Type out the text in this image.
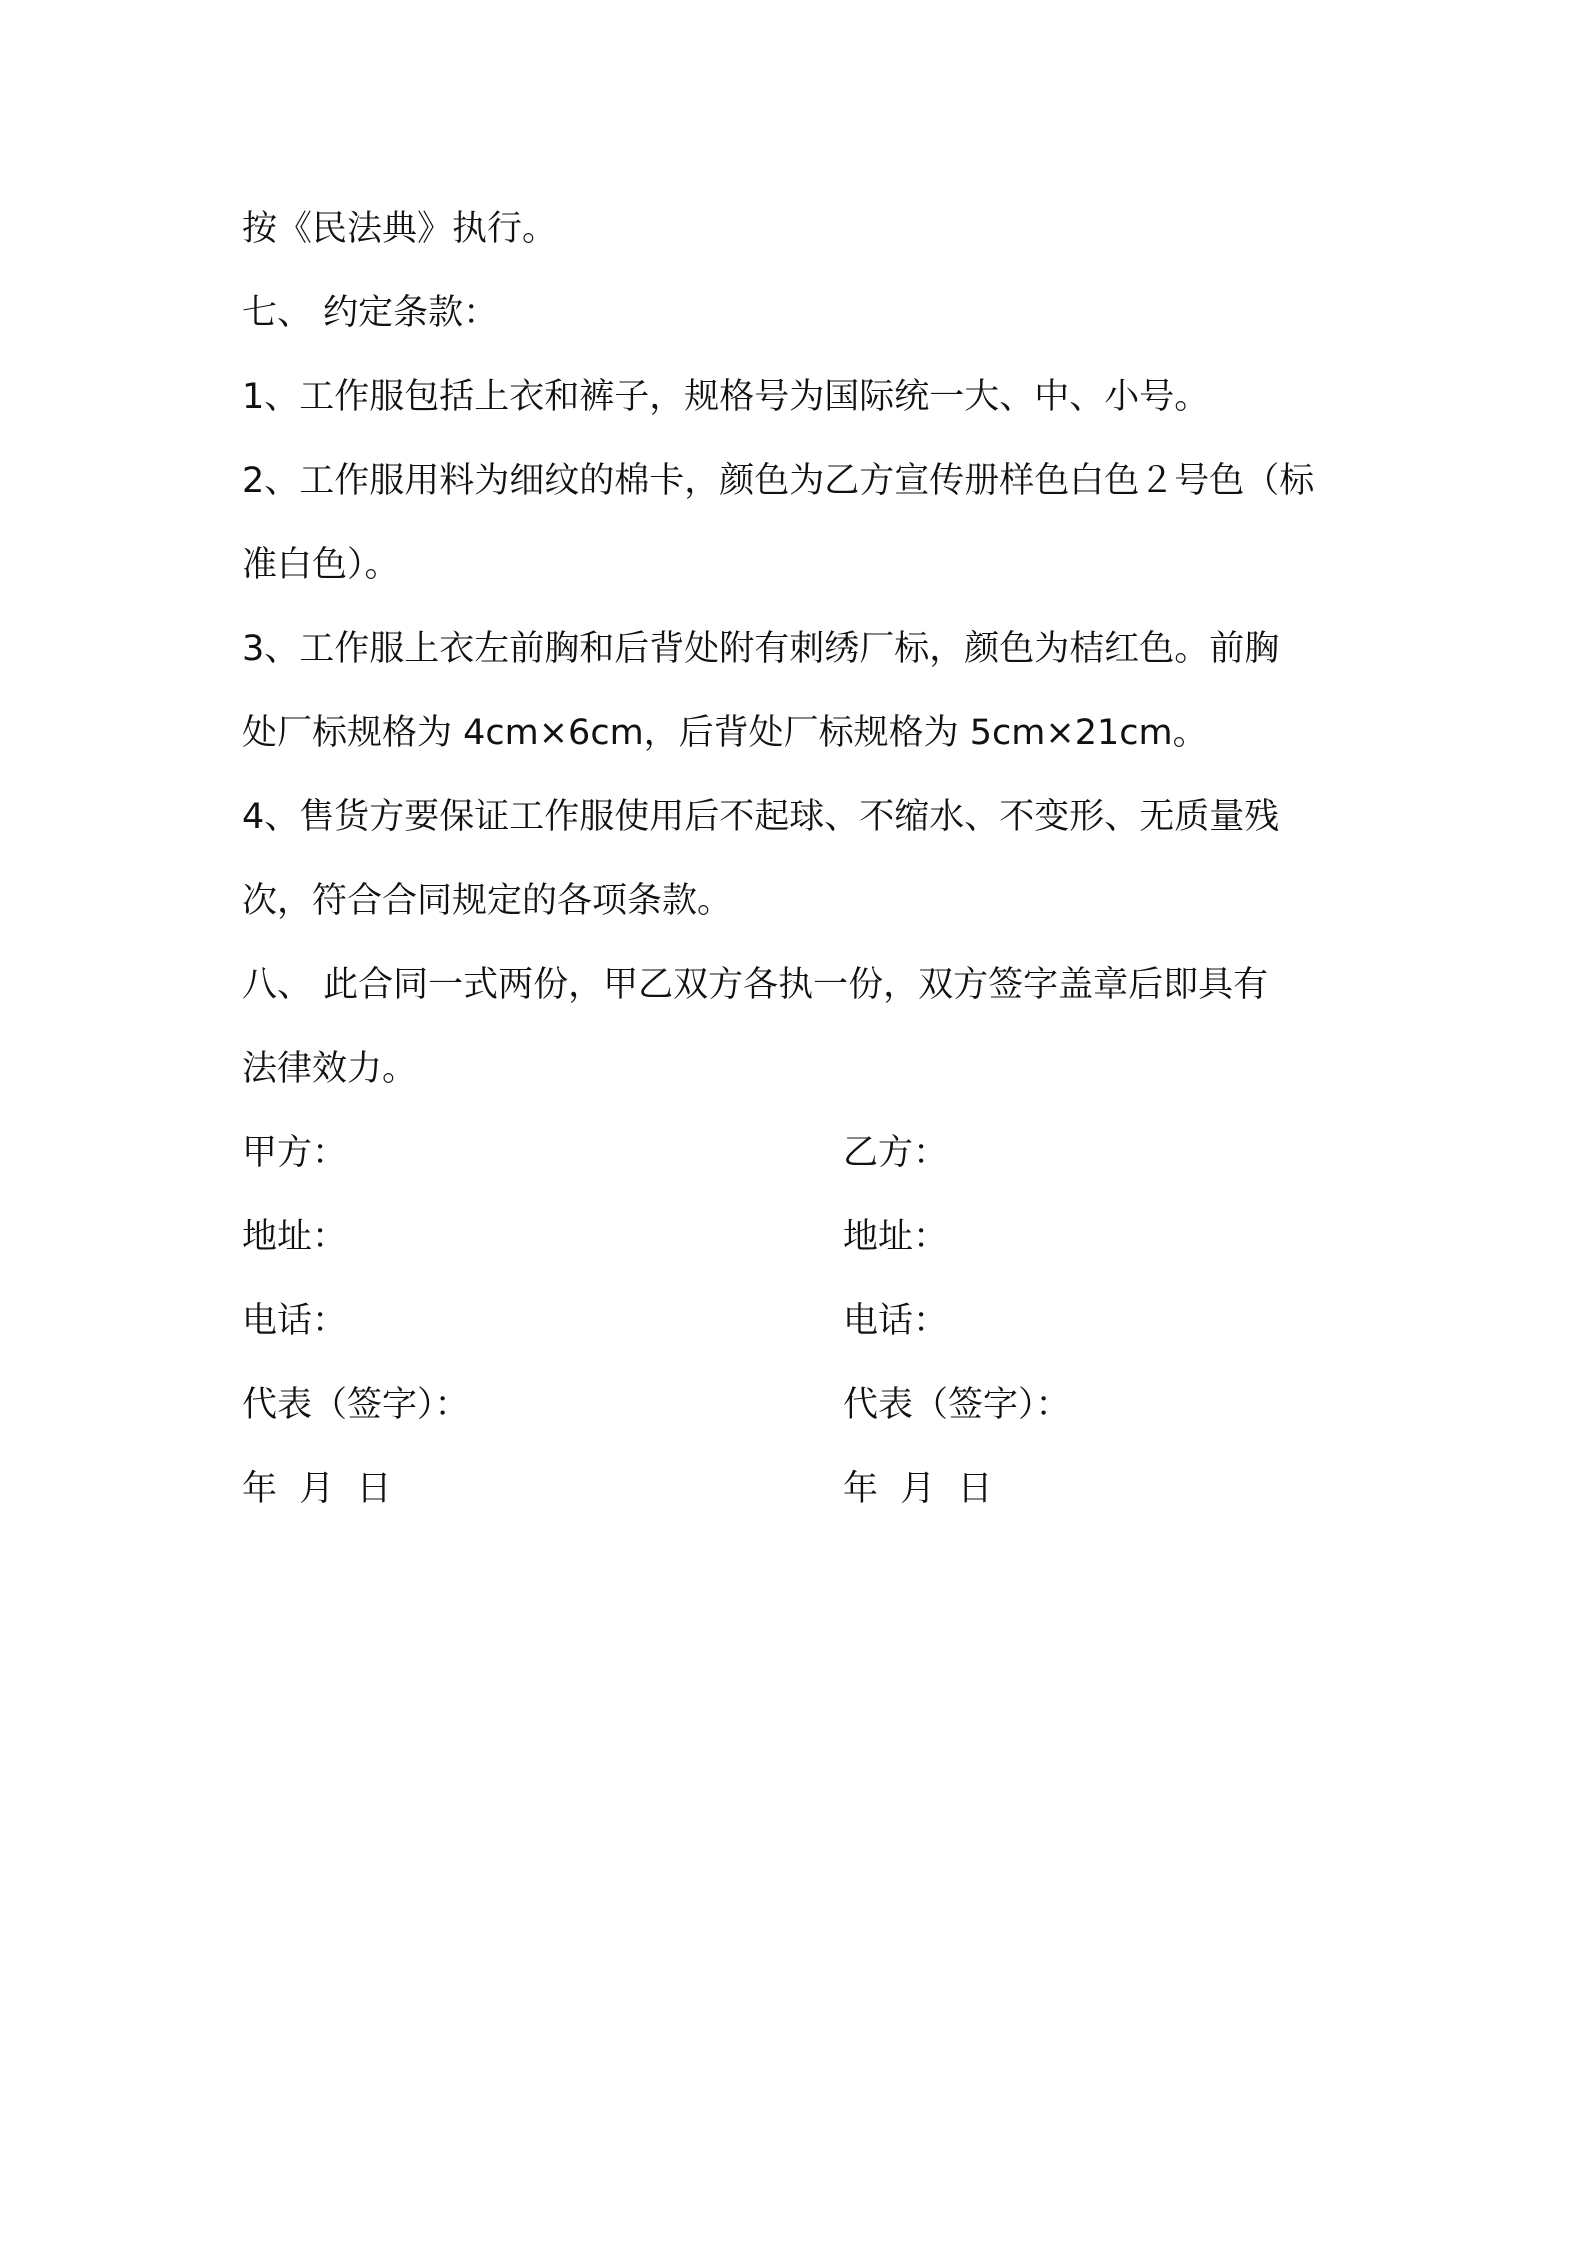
按《民法典》执行。
七、 约定条款：
1、工作服包括上衣和裤子，规格号为国际统一大、中、小号。
2、工作服用料为细纹的棉卡，颜色为乙方宣传册样色白色２号色（标
准白色）。
3、工作服上衣左前胸和后背处附有刺绣厂标，颜色为桔红色。前胸
处厂标规格为 4cm×6cm，后背处厂标规格为 5cm×21cm。
4、售货方要保证工作服使用后不起球、不缩水、不变形、无质量残
次，符合合同规定的各项条款。
八、 此合同一式两份，甲乙双方各执一份，双方签字盖章后即具有
法律效力。
甲方：
地址：
电话：
代表（签字）：
年  月  日
乙方：
地址：
电话：
代表（签字）：
年  月  日
